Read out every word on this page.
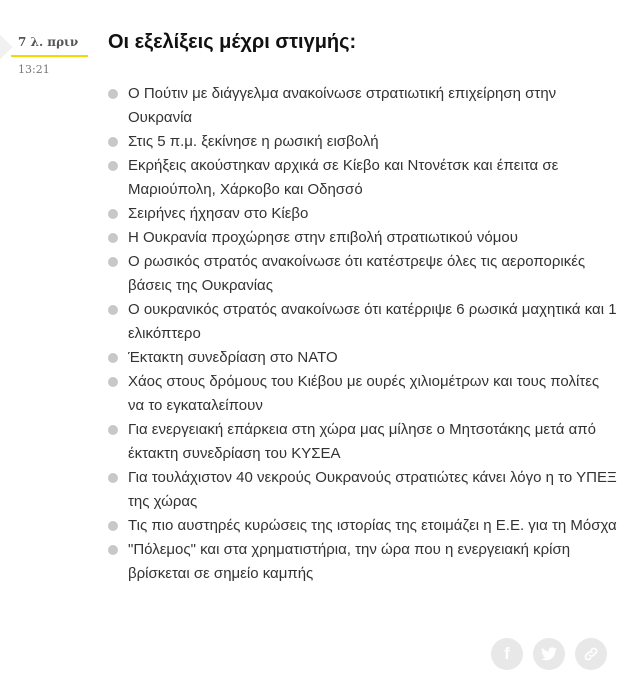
7 λ. πριν
13:21
Οι εξελίξεις μέχρι στιγμής:
Ο Πούτιν με διάγγελμα ανακοίνωσε στρατιωτική επιχείρηση στην Ουκρανία
Στις 5 π.μ. ξεκίνησε η ρωσική εισβολή
Εκρήξεις ακούστηκαν αρχικά σε Κίεβο και Ντονέτσκ και έπειτα σε Μαριούπολη, Χάρκοβο και Οδησσό
Σειρήνες ήχησαν στο Κίεβο
Η Ουκρανία προχώρησε στην επιβολή στρατιωτικού νόμου
Ο ρωσικός στρατός ανακοίνωσε ότι κατέστρεψε όλες τις αεροπορικές βάσεις της Ουκρανίας
Ο ουκρανικός στρατός ανακοίνωσε ότι κατέρριψε 6 ρωσικά μαχητικά και 1 ελικόπτερο
Έκτακτη συνεδρίαση στο ΝΑΤΟ
Χάος στους δρόμους του Κιέβου με ουρές χιλιομέτρων και τους πολίτες να το εγκαταλείπουν
Για ενεργειακή επάρκεια στη χώρα μας μίλησε ο Μητσοτάκης μετά από έκτακτη συνεδρίαση του ΚΥΣΕΑ
Για τουλάχιστον 40 νεκρούς Ουκρανούς στρατιώτες κάνει λόγο η το ΥΠΕΞ της χώρας
Τις πιο αυστηρές κυρώσεις της ιστορίας της ετοιμάζει η Ε.Ε. για τη Μόσχα
"Πόλεμος" και στα χρηματιστήρια, την ώρα που η ενεργειακή κρίση βρίσκεται σε σημείο καμπής
f
